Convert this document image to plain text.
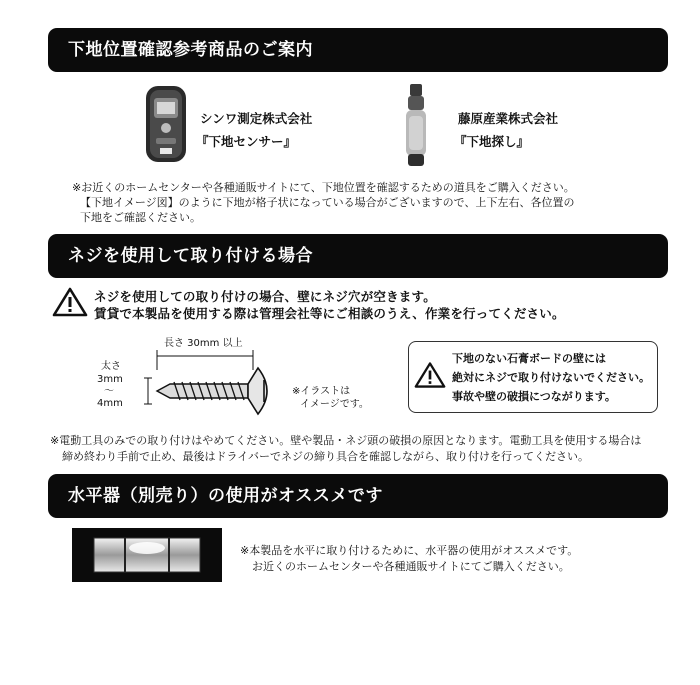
下地位置確認参考商品のご案内
シンワ測定株式会社
『下地センサー』
藤原産業株式会社
『下地探し』
※お近くのホームセンターや各種通販サイトにて、下地位置を確認するための道具をご購入ください。
【下地イメージ図】のように下地が格子状になっている場合がございますので、上下左右、各位置の
下地をご確認ください。
ネジを使用して取り付ける場合
ネジを使用しての取り付けの場合、壁にネジ穴が空きます。
賃貸で本製品を使用する際は管理会社等にご相談のうえ、作業を行ってください。
長さ 30mm 以上
太さ
3mm
～
4mm
※イラストは
イメージです。
下地のない石膏ボードの壁には
絶対にネジで取り付けないでください。
事故や壁の破損につながります。
※電動工具のみでの取り付けはやめてください。壁や製品・ネジ頭の破損の原因となります。電動工具を使用する場合は
締め終わり手前で止め、最後はドライバーでネジの締り具合を確認しながら、取り付けを行ってください。
水平器（別売り）の使用がオススメです
※本製品を水平に取り付けるために、水平器の使用がオススメです。
お近くのホームセンターや各種通販サイトにてご購入ください。
